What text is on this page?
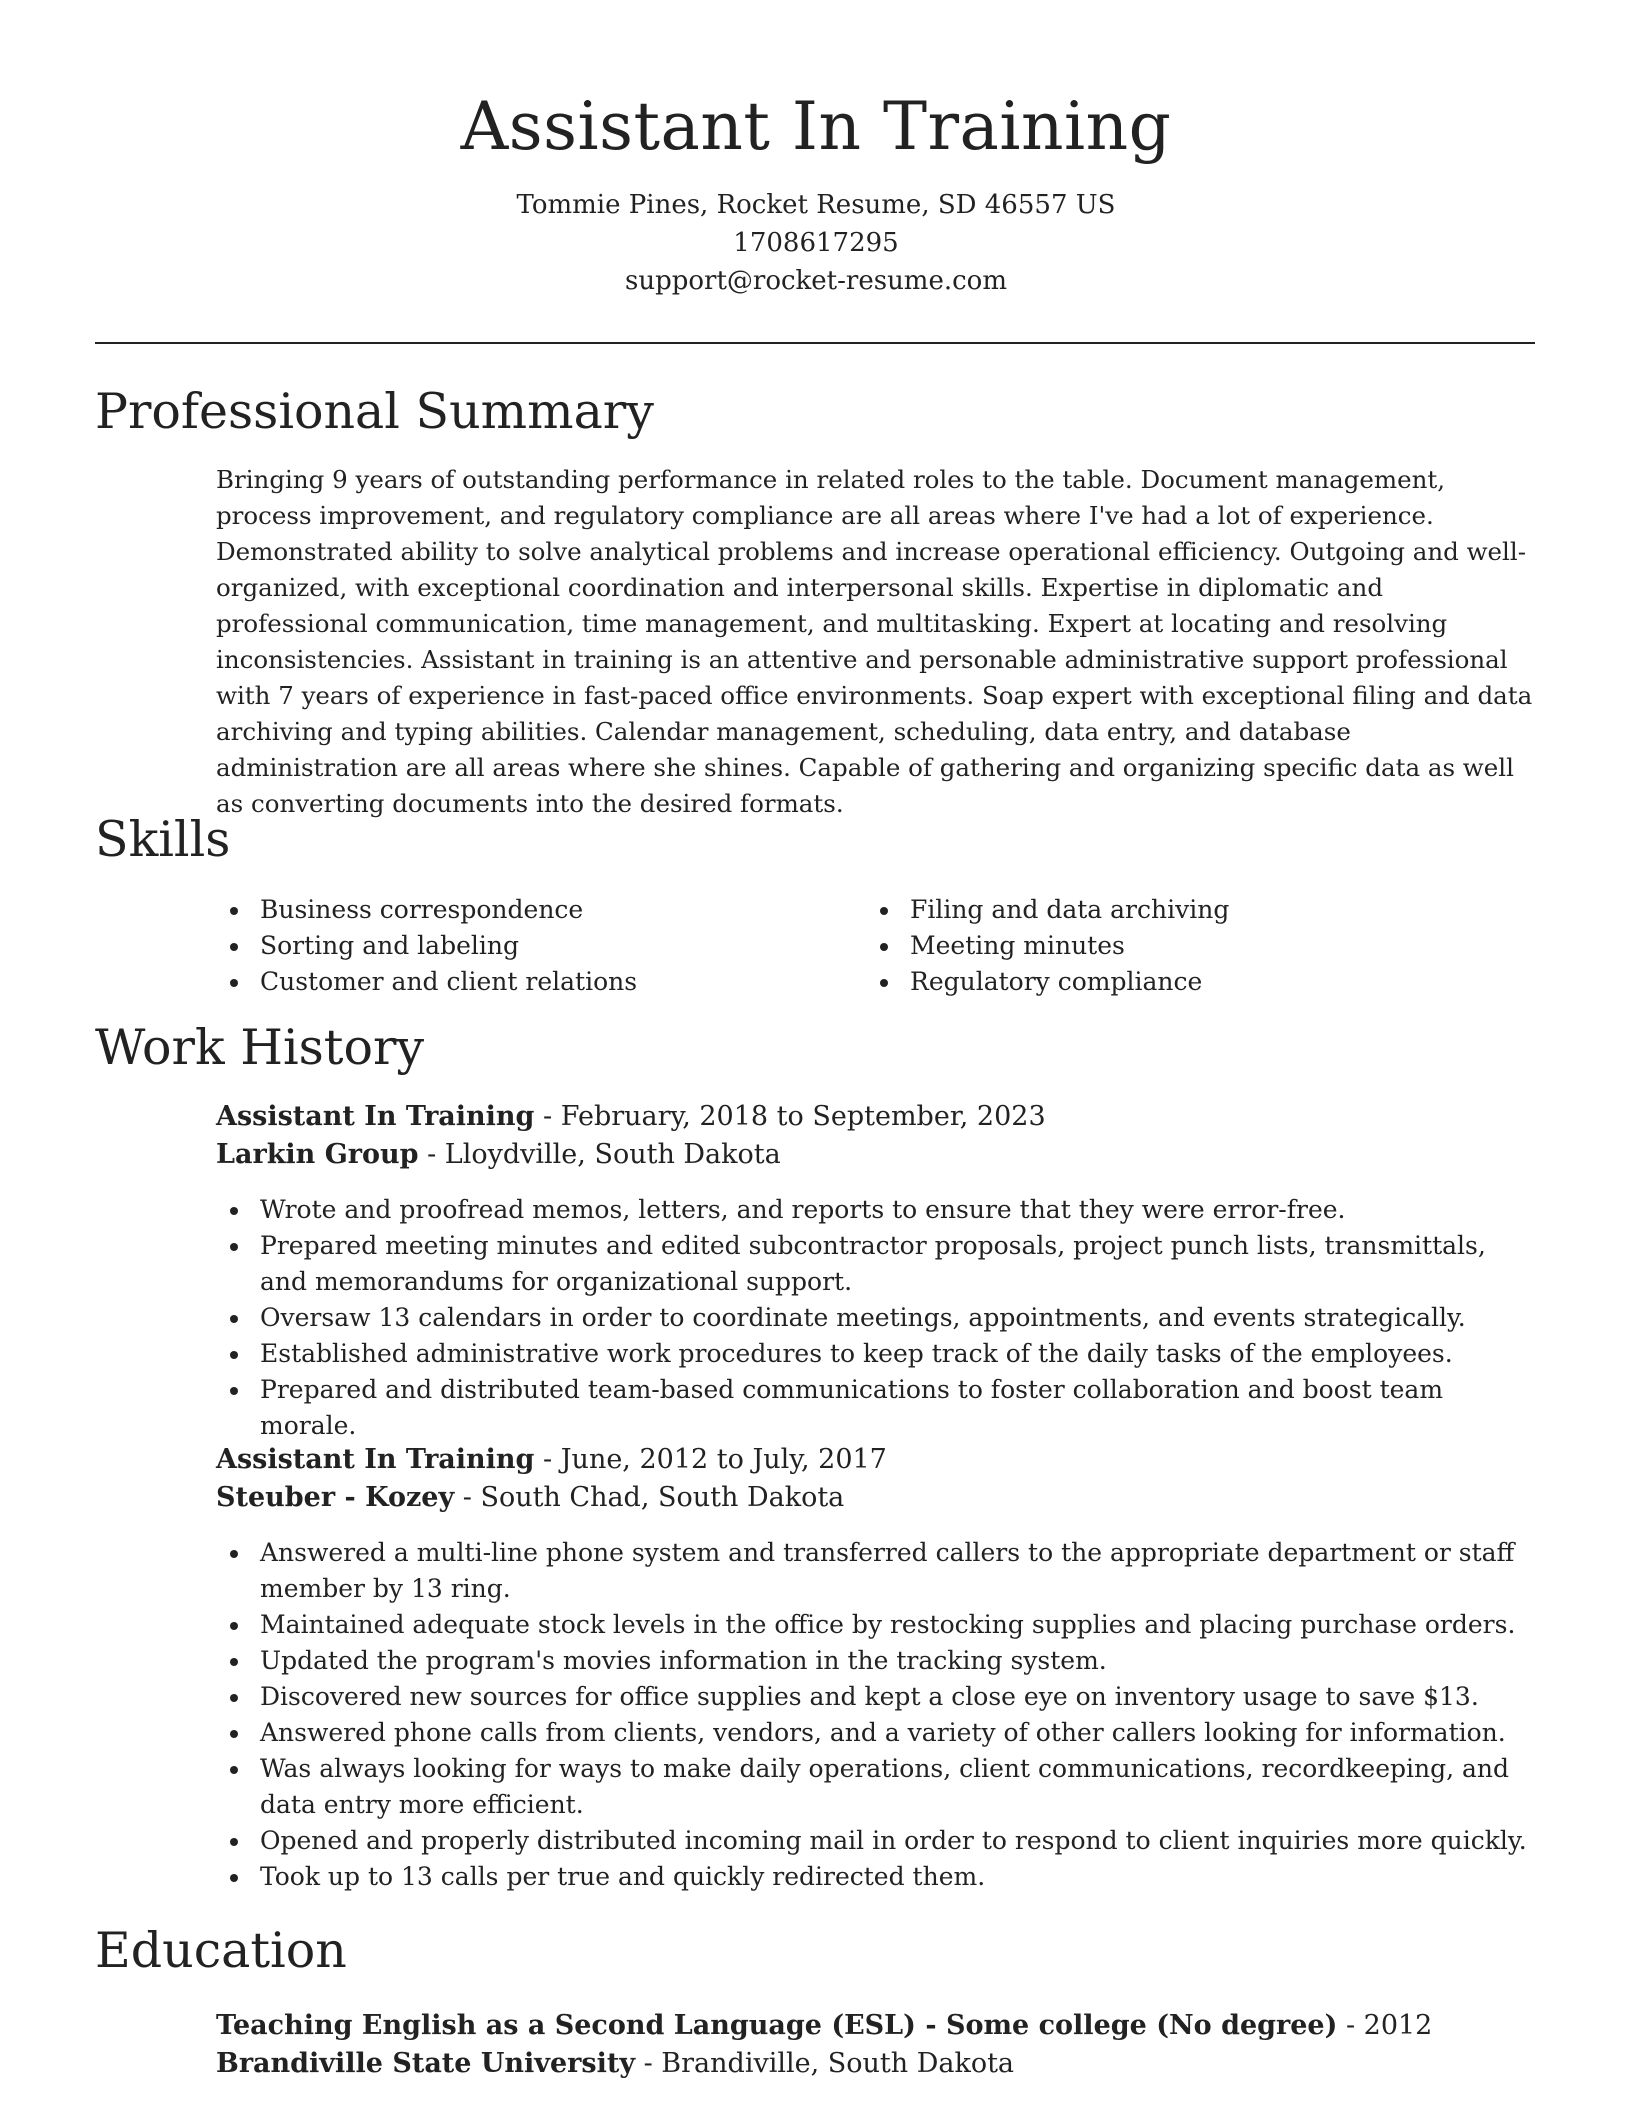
Assistant In Training
Tommie Pines, Rocket Resume, SD 46557 US
1708617295
support@rocket-resume.com
Professional Summary

Bringing 9 years of outstanding performance in related roles to the table. Document management, process improvement, and regulatory compliance are all areas where I've had a lot of experience. Demonstrated ability to solve analytical problems and increase operational efficiency. Outgoing and well-organized, with exceptional coordination and interpersonal skills. Expertise in diplomatic and professional communication, time management, and multitasking. Expert at locating and resolving inconsistencies. Assistant in training is an attentive and personable administrative support professional with 7 years of experience in fast-paced office environments. Soap expert with exceptional filing and data archiving and typing abilities. Calendar management, scheduling, data entry, and database administration are all areas where she shines. Capable of gathering and organizing specific data as well as converting documents into the desired formats.

Skills
Business correspondence
Sorting and labeling
Customer and client relations
Filing and data archiving
Meeting minutes
Regulatory compliance
Work History
Assistant In Training - February, 2018 to September, 2023
Larkin Group - Lloydville, South Dakota
Wrote and proofread memos, letters, and reports to ensure that they were error-free.
Prepared meeting minutes and edited subcontractor proposals, project punch lists, transmittals, and memorandums for organizational support.
Oversaw 13 calendars in order to coordinate meetings, appointments, and events strategically.
Established administrative work procedures to keep track of the daily tasks of the employees.
Prepared and distributed team-based communications to foster collaboration and boost team morale.
Assistant In Training - June, 2012 to July, 2017
Steuber - Kozey - South Chad, South Dakota
Answered a multi-line phone system and transferred callers to the appropriate department or staff member by 13 ring.
Maintained adequate stock levels in the office by restocking supplies and placing purchase orders.
Updated the program's movies information in the tracking system.
Discovered new sources for office supplies and kept a close eye on inventory usage to save $13.
Answered phone calls from clients, vendors, and a variety of other callers looking for information.
Was always looking for ways to make daily operations, client communications, recordkeeping, and data entry more efficient.
Opened and properly distributed incoming mail in order to respond to client inquiries more quickly.
Took up to 13 calls per true and quickly redirected them.
Education
Teaching English as a Second Language (ESL) - Some college (No degree) - 2012
Brandiville State University - Brandiville, South Dakota
